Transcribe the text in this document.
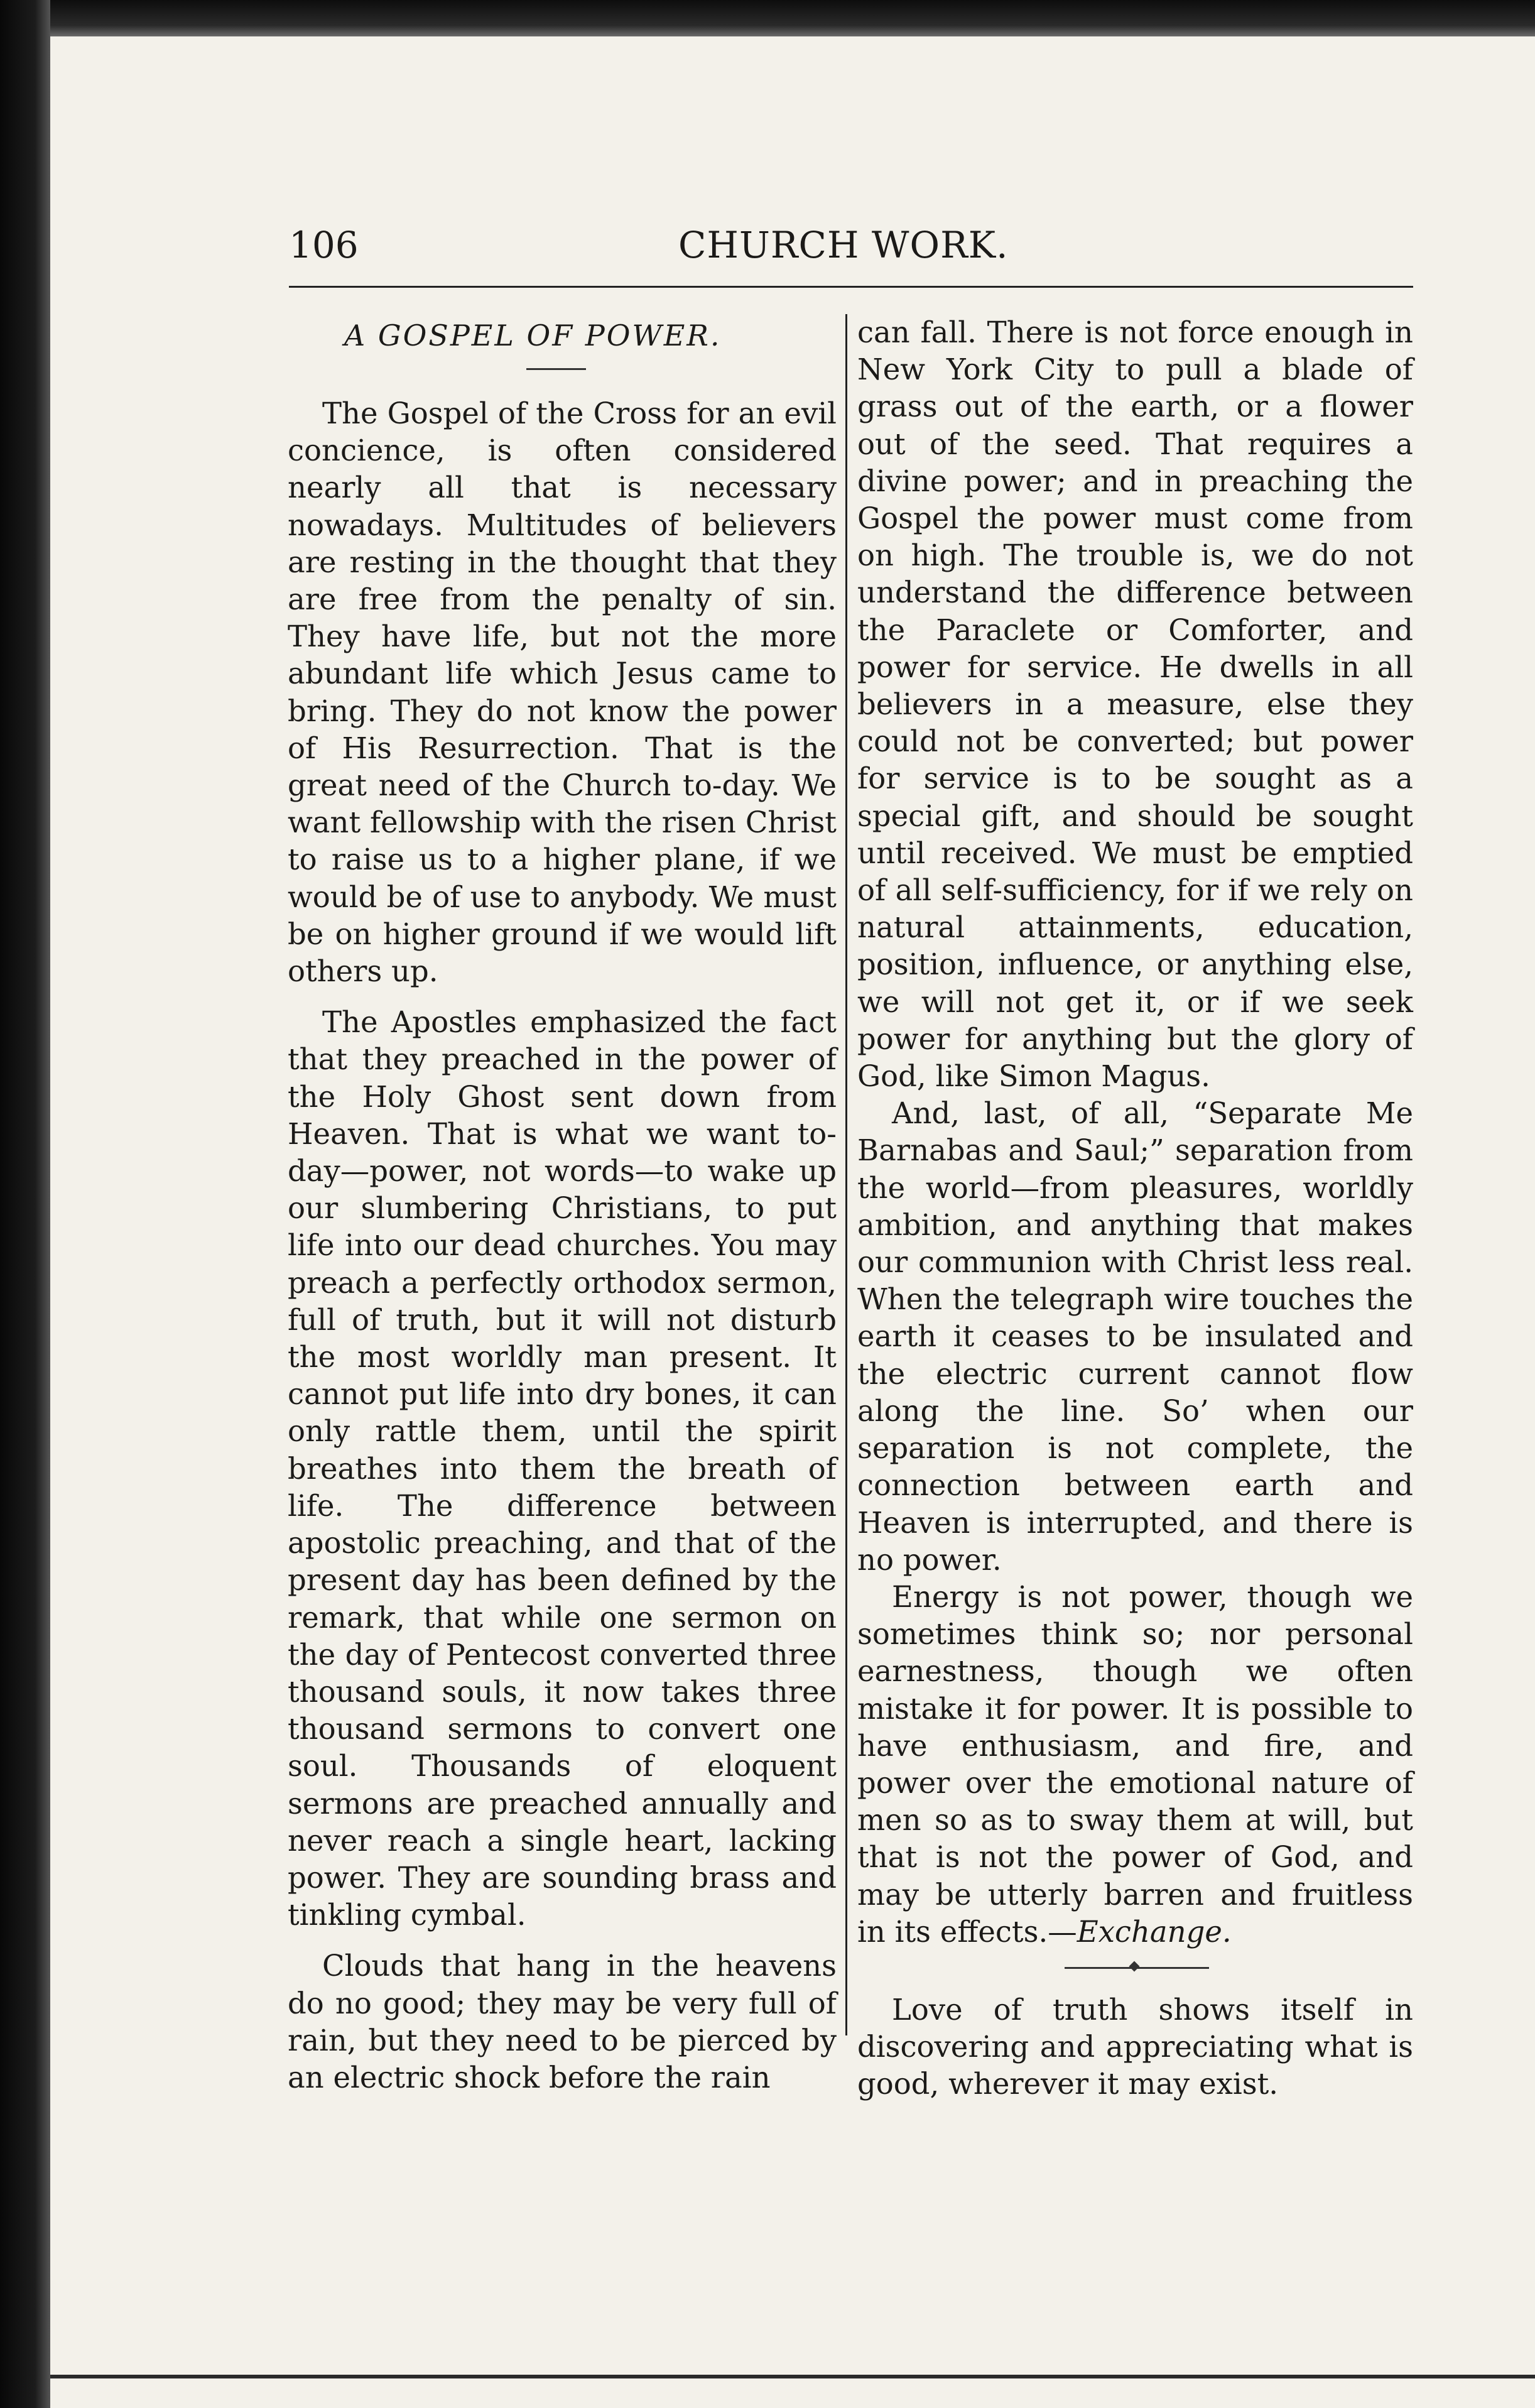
106	CHURCH WORK.
A GOSPEL OF POWER.

The Gospel of the Cross for an evil concience, is often considered nearly all that is necessary nowadays. Multitudes of believers are resting in the thought that they are free from the penalty of sin. They have life, but not the more abundant life which Jesus came to bring. They do not know the power of His Resurrection. That is the great need of the Church to-day. We want fellowship with the risen Christ to raise us to a higher plane, if we would be of use to anybody. We must be on higher ground if we would lift others up.

The Apostles emphasized the fact that they preached in the power of the Holy Ghost sent down from Heaven. That is what we want to-day—power, not words—to wake up our slumbering Christians, to put life into our dead churches. You may preach a perfectly orthodox sermon, full of truth, but it will not disturb the most worldly man present. It cannot put life into dry bones, it can only rattle them, until the spirit breathes into them the breath of life. The difference between apostolic preaching, and that of the present day has been defined by the remark, that while one sermon on the day of Pentecost converted three thousand souls, it now takes three thousand sermons to convert one soul. Thousands of eloquent sermons are preached annually and never reach a single heart, lacking power. They are sounding brass and tinkling cymbal.

Clouds that hang in the heavens do no good; they may be very full of rain, but they need to be pierced by an electric shock before the rain

can fall. There is not force enough in New York City to pull a blade of grass out of the earth, or a flower out of the seed. That requires a divine power; and in preaching the Gospel the power must come from on high. The trouble is, we do not understand the difference between the Paraclete or Comforter, and power for service. He dwells in all believers in a measure, else they could not be converted; but power for service is to be sought as a special gift, and should be sought until received. We must be emptied of all self-sufficiency, for if we rely on natural attainments, education, position, influence, or anything else, we will not get it, or if we seek power for anything but the glory of God, like Simon Magus.

And, last, of all, “Separate Me Barnabas and Saul;” separation from the world—from pleasures, worldly ambition, and anything that makes our communion with Christ less real. When the telegraph wire touches the earth it ceases to be insulated and the electric current cannot flow along the line. So’ when our separation is not complete, the connection between earth and Heaven is interrupted, and there is no power.

Energy is not power, though we sometimes think so; nor personal earnestness, though we often mistake it for power. It is possible to have enthusiasm, and fire, and power over the emotional nature of men so as to sway them at will, but that is not the power of God, and may be utterly barren and fruitless in its effects.—Exchange.

Love of truth shows itself in discovering and appreciating what is good, wherever it may exist.
